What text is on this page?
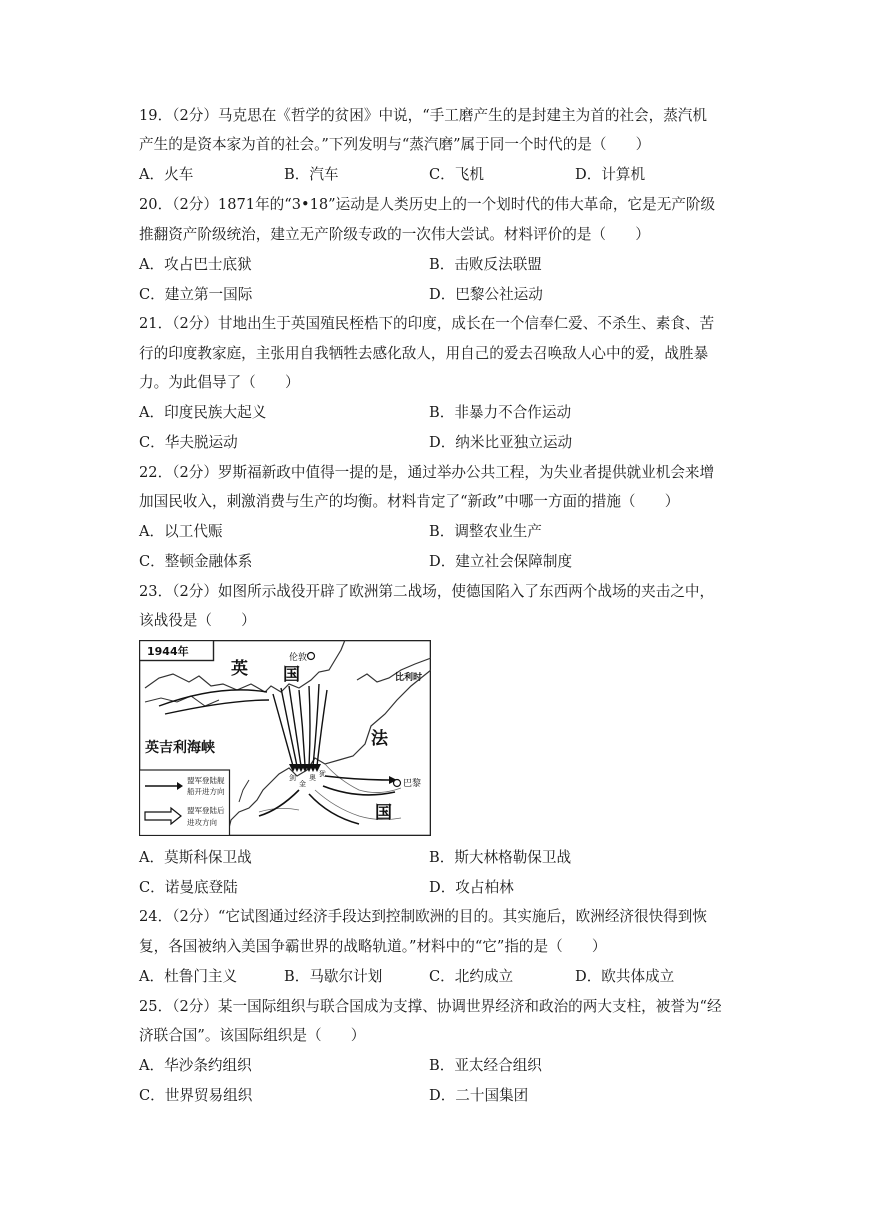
19．（2分）马克思在《哲学的贫困》中说，“手工磨产生的是封建主为首的社会，蒸汽机
产生的是资本家为首的社会。”下列发明与“蒸汽磨”属于同一个时代的是（　　）
A．火车	B．汽车	C．飞机	D．计算机
20．（2分）1871年的“3•18”运动是人类历史上的一个划时代的伟大革命，它是无产阶级
推翻资产阶级统治，建立无产阶级专政的一次伟大尝试。材料评价的是（　　）
A．攻占巴士底狱	B．击败反法联盟
C．建立第一国际	D．巴黎公社运动
21．（2分）甘地出生于英国殖民桎梏下的印度，成长在一个信奉仁爱、不杀生、素食、苦
行的印度教家庭，主张用自我牺牲去感化敌人，用自己的爱去召唤敌人心中的爱，战胜暴
力。为此倡导了（　　）
A．印度民族大起义	B．非暴力不合作运动
C．华夫脱运动	D．纳米比亚独立运动
22．（2分）罗斯福新政中值得一提的是，通过举办公共工程，为失业者提供就业机会来增
加国民收入，刺激消费与生产的均衡。材料肯定了“新政”中哪一方面的措施（　　）
A．以工代赈	B．调整农业生产
C．整顿金融体系	D．建立社会保障制度
23．（2分）如图所示战役开辟了欧洲第二战场，使德国陷入了东西两个战场的夹击之中，
该战役是（　　）
1944年
英 国
伦敦
比利时
英吉利海峡	法
国
巴黎
剑
金
奥 犹
盟军登陆舰
船开进方向
盟军登陆后
进攻方向
A．莫斯科保卫战	B．斯大林格勒保卫战
C．诺曼底登陆	D．攻占柏林
24．（2分）“它试图通过经济手段达到控制欧洲的目的。其实施后，欧洲经济很快得到恢
复，各国被纳入美国争霸世界的战略轨道。”材料中的“它”指的是（　　）
A．杜鲁门主义	B．马歇尔计划	C．北约成立	D．欧共体成立
25．（2分）某一国际组织与联合国成为支撑、协调世界经济和政治的两大支柱，被誉为“经
济联合国”。该国际组织是（　　）
A．华沙条约组织	B．亚太经合组织
C．世界贸易组织	D．二十国集团
